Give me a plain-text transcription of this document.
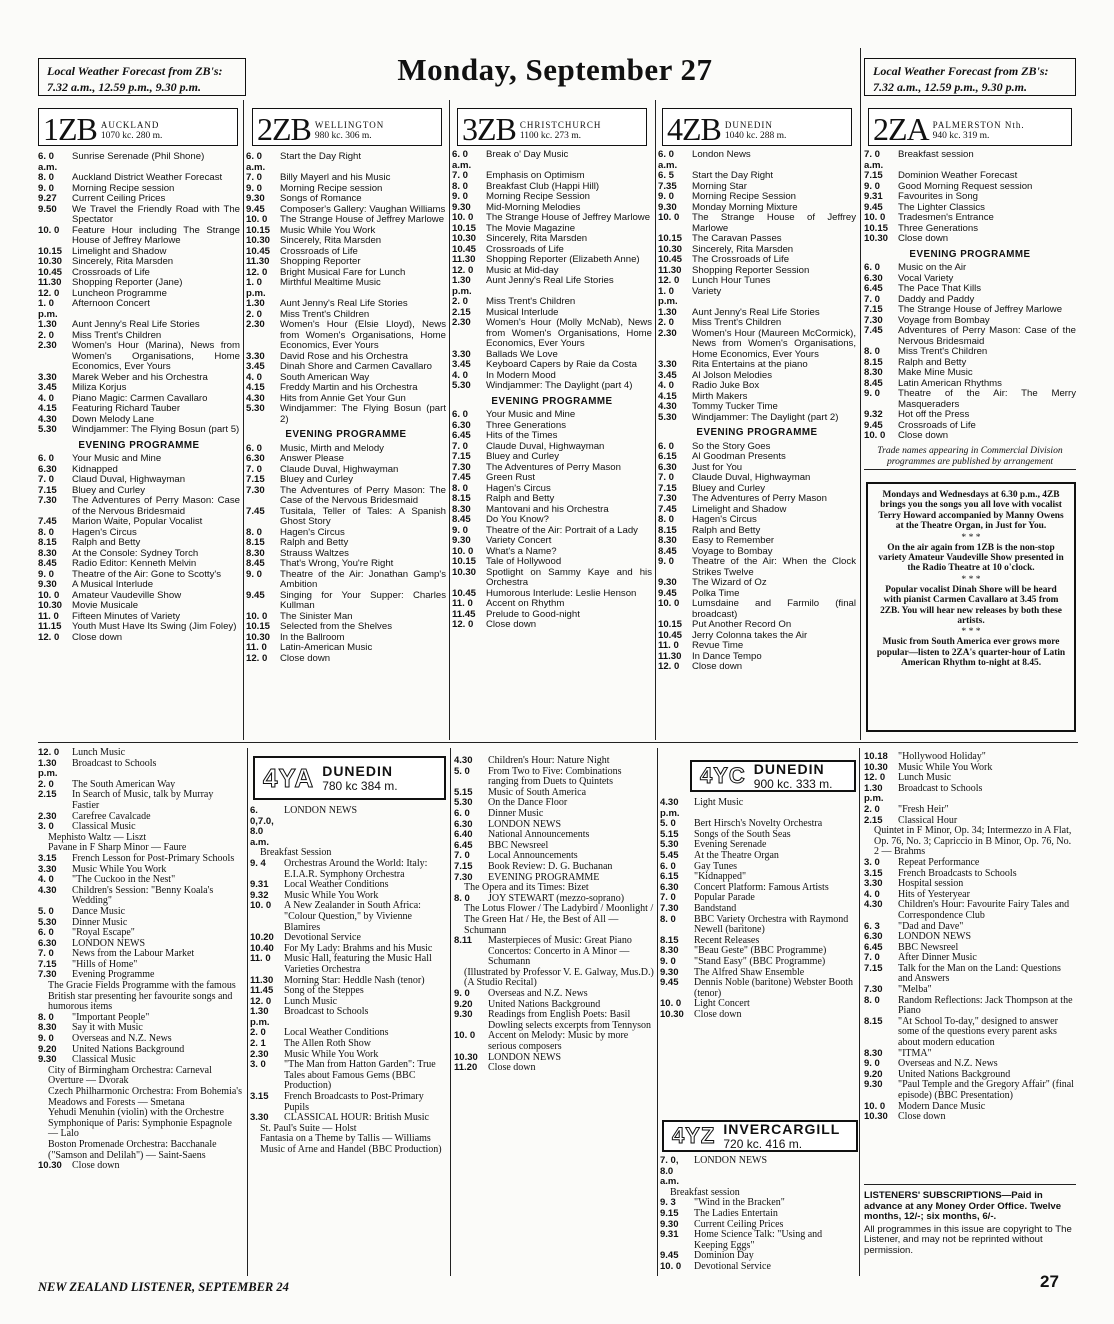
Local Weather Forecast from ZB's:
7.32 a.m., 12.59 p.m., 9.30 p.m.	Monday, September 27	Local Weather Forecast from ZB's:
7.32 a.m., 12.59 p.m., 9.30 p.m.
1ZB AUCKLAND
1070 kc. 280 m.	2ZB WELLINGTON
980 kc. 306 m.	3ZB CHRISTCHURCH
1100 kc. 273 m.	4ZB DUNEDIN
1040 kc. 288 m.	2ZA PALMERSTON Nth.
940 kc. 319 m.
6. 0 a.m.
Sunrise Serenade (Phil Shone)
8. 0	Auckland District Weather Forecast
9. 0	Morning Recipe session
9.27	Current Ceiling Prices
9.50	We Travel the Friendly Road with The Spectator
10. 0	Feature Hour including The Strange House of Jeffrey Marlowe
10.15	Limelight and Shadow
10.30	Sincerely, Rita Marsden
10.45	Crossroads of Life
11.30	Shopping Reporter (Jane)
12. 0	Luncheon Programme
1. 0 p.m.
Afternoon Concert
1.30	Aunt Jenny's Real Life Stories
2. 0	Miss Trent's Children
2.30	Women's Hour (Marina), News from Women's Organisations, Home Economics, Ever Yours
3.30	Marek Weber and his Orchestra
3.45	Miliza Korjus
4. 0	Piano Magic: Carmen Cavallaro
4.15	Featuring Richard Tauber
4.30	Down Melody Lane
5.30	Windjammer: The Flying Bosun (part 5)
EVENING PROGRAMME
6. 0	Your Music and Mine
6.30	Kidnapped
7. 0	Claud Duval, Highwayman
7.15	Bluey and Curley
7.30	The Adventures of Perry Mason: Case of the Nervous Bridesmaid
7.45	Marion Waite, Popular Vocalist
8. 0	Hagen's Circus
8.15	Ralph and Betty
8.30	At the Console: Sydney Torch
8.45	Radio Editor: Kenneth Melvin
9. 0	Theatre of the Air: Gone to Scotty's
9.30	A Musical Interlude
10. 0	Amateur Vaudeville Show
10.30	Movie Musicale
11. 0	Fifteen Minutes of Variety
11.15	Youth Must Have Its Swing (Jim Foley)
12. 0	Close down
6. 0 a.m.
Start the Day Right
7. 0	Billy Mayerl and his Music
9. 0	Morning Recipe session
9.30	Songs of Romance
9.45	Composer's Gallery: Vaughan Williams
10. 0	The Strange House of Jeffrey Marlowe
10.15	Music While You Work
10.30	Sincerely, Rita Marsden
10.45	Crossroads of Life
11.30	Shopping Reporter
12. 0	Bright Musical Fare for Lunch
1. 0 p.m.
Mirthful Mealtime Music
1.30	Aunt Jenny's Real Life Stories
2. 0	Miss Trent's Children
2.30	Women's Hour (Elsie Lloyd), News from Women's Organisations, Home Economics, Ever Yours
3.30	David Rose and his Orchestra
3.45	Dinah Shore and Carmen Cavallaro
4. 0	South American Way
4.15	Freddy Martin and his Orchestra
4.30	Hits from Annie Get Your Gun
5.30	Windjammer: The Flying Bosun (part 2)
EVENING PROGRAMME
6. 0	Music, Mirth and Melody
6.30	Answer Please
7. 0	Claude Duval, Highwayman
7.15	Bluey and Curley
7.30	The Adventures of Perry Mason: The Case of the Nervous Bridesmaid
7.45	Tusitala, Teller of Tales: A Spanish Ghost Story
8. 0	Hagen's Circus
8.15	Ralph and Betty
8.30	Strauss Waltzes
8.45	That's Wrong, You're Right
9. 0	Theatre of the Air: Jonathan Gamp's Ambition
9.45	Singing for Your Supper: Charles Kullman
10. 0	The Sinister Man
10.15	Selected from the Shelves
10.30	In the Ballroom
11. 0	Latin-American Music
12. 0	Close down
6. 0 a.m.
Break o' Day Music
7. 0	Emphasis on Optimism
8. 0	Breakfast Club (Happi Hill)
9. 0	Morning Recipe Session
9.30	Mid-Morning Melodies
10. 0	The Strange House of Jeffrey Marlowe
10.15	The Movie Magazine
10.30	Sincerely, Rita Marsden
10.45	Crossroads of Life
11.30	Shopping Reporter (Elizabeth Anne)
12. 0	Music at Mid-day
1.30 p.m.
Aunt Jenny's Real Life Stories
2. 0	Miss Trent's Children
2.15	Musical Interlude
2.30	Women's Hour (Molly McNab), News from Women's Organisations, Home Economics, Ever Yours
3.30	Ballads We Love
3.45	Keyboard Capers by Raie da Costa
4. 0	In Modern Mood
5.30	Windjammer: The Daylight (part 4)
EVENING PROGRAMME
6. 0	Your Music and Mine
6.30	Three Generations
6.45	Hits of the Times
7. 0	Claude Duval, Highwayman
7.15	Bluey and Curley
7.30	The Adventures of Perry Mason
7.45	Green Rust
8. 0	Hagen's Circus
8.15	Ralph and Betty
8.30	Mantovani and his Orchestra
8.45	Do You Know?
9. 0	Theatre of the Air: Portrait of a Lady
9.30	Variety Concert
10. 0	What's a Name?
10.15	Tale of Hollywood
10.30	Spotlight on Sammy Kaye and his Orchestra
10.45	Humorous Interlude: Leslie Henson
11. 0	Accent on Rhythm
11.45	Prelude to Good-night
12. 0	Close down
6. 0 a.m.
London News
6. 5	Start the Day Right
7.35	Morning Star
9. 0	Morning Recipe Session
9.30	Monday Morning Mixture
10. 0	The Strange House of Jeffrey Marlowe
10.15	The Caravan Passes
10.30	Sincerely, Rita Marsden
10.45	The Crossroads of Life
11.30	Shopping Reporter Session
12. 0	Lunch Hour Tunes
1. 0 p.m.
Variety
1.30	Aunt Jenny's Real Life Stories
2. 0	Miss Trent's Children
2.30	Women's Hour (Maureen McCormick), News from Women's Organisations, Home Economics, Ever Yours
3.30	Rita Entertains at the piano
3.45	Al Jolson Melodies
4. 0	Radio Juke Box
4.15	Mirth Makers
4.30	Tommy Tucker Time
5.30	Windjammer: The Daylight (part 2)
EVENING PROGRAMME
6. 0	So the Story Goes
6.15	Al Goodman Presents
6.30	Just for You
7. 0	Claude Duval, Highwayman
7.15	Bluey and Curley
7.30	The Adventures of Perry Mason
7.45	Limelight and Shadow
8. 0	Hagen's Circus
8.15	Ralph and Betty
8.30	Easy to Remember
8.45	Voyage to Bombay
9. 0	Theatre of the Air: When the Clock Strikes Twelve
9.30	The Wizard of Oz
9.45	Polka Time
10. 0	Lumsdaine and Farmilo (final broadcast)
10.15	Put Another Record On
10.45	Jerry Colonna takes the Air
11. 0	Revue Time
11.30	In Dance Tempo
12. 0	Close down
7. 0 a.m.
Breakfast session
7.15	Dominion Weather Forecast
9. 0	Good Morning Request session
9.31	Favourites in Song
9.45	The Lighter Classics
10. 0	Tradesmen's Entrance
10.15	Three Generations
10.30	Close down
EVENING PROGRAMME
6. 0	Music on the Air
6.30	Vocal Variety
6.45	The Pace That Kills
7. 0	Daddy and Paddy
7.15	The Strange House of Jeffrey Marlowe
7.30	Voyage from Bombay
7.45	Adventures of Perry Mason: Case of the Nervous Bridesmaid
8. 0	Miss Trent's Children
8.15	Ralph and Betty
8.30	Make Mine Music
8.45	Latin American Rhythms
9. 0	Theatre of the Air: The Merry Masqueraders
9.32	Hot off the Press
9.45	Crossroads of Life
10. 0	Close down
Trade names appearing in Commercial Division programmes are published by arrangement
Mondays and Wednesdays at 6.30 p.m., 4ZB brings you the songs you all love with vocalist Terry Howard accompanied by Manny Owens at the Theatre Organ, in Just for You.
* * *
On the air again from 1ZB is the non-stop variety Amateur Vaudeville Show presented in the Radio Theatre at 10 o'clock.
* * *
Popular vocalist Dinah Shore will be heard with pianist Carmen Cavallaro at 3.45 from 2ZB. You will hear new releases by both these artists.
* * *
Music from South America ever grows more popular—listen to 2ZA's quarter-hour of Latin American Rhythm to-night at 8.45.
12. 0	Lunch Music
1.30 p.m.
Broadcast to Schools
2. 0	The South American Way
2.15	In Search of Music, talk by Murray Fastier
2.30	Carefree Cavalcade
3. 0	Classical Music
Mephisto Waltz — Liszt
Pavane in F Sharp Minor — Faure
3.15	French Lesson for Post-Primary Schools
3.30	Music While You Work
4. 0	"The Cuckoo in the Nest"
4.30	Children's Session: "Benny Koala's Wedding"
5. 0	Dance Music
5.30	Dinner Music
6. 0	"Royal Escape"
6.30	LONDON NEWS
7. 0	News from the Labour Market
7.15	"Hills of Home"
7.30	Evening Programme
The Gracie Fields Programme with the famous British star presenting her favourite songs and humorous items
8. 0	"Important People"
8.30	Say it with Music
9. 0	Overseas and N.Z. News
9.20	United Nations Background
9.30	Classical Music
City of Birmingham Orchestra: Carneval Overture — Dvorak
Czech Philharmonic Orchestra: From Bohemia's Meadows and Forests — Smetana
Yehudi Menuhin (violin) with the Orchestre Symphonique of Paris: Symphonie Espagnole — Lalo
Boston Promenade Orchestra: Bacchanale ("Samson and Delilah") — Saint-Saens
10.30	Close down
4YA DUNEDIN
780 kc 384 m.
6. 0,7.0, 8.0 a.m.
LONDON NEWS
Breakfast Session
9. 4	Orchestras Around the World: Italy: E.I.A.R. Symphony Orchestra
9.31	Local Weather Conditions
9.32	Music While You Work
10. 0	A New Zealander in South Africa: "Colour Question," by Vivienne Blamires
10.20	Devotional Service
10.40	For My Lady: Brahms and his Music
11. 0	Music Hall, featuring the Music Hall Varieties Orchestra
11.30	Morning Star: Heddle Nash (tenor)
11.45	Song of the Steppes
12. 0	Lunch Music
1.30 p.m.
Broadcast to Schools
2. 0	Local Weather Conditions
2. 1	The Allen Roth Show
2.30	Music While You Work
3. 0	"The Man from Hatton Garden": True Tales about Famous Gems (BBC Production)
3.15	French Broadcasts to Post-Primary Pupils
3.30	CLASSICAL HOUR: British Music
St. Paul's Suite — Holst
Fantasia on a Theme by Tallis — Williams
Music of Arne and Handel (BBC Production)
4.30	Children's Hour: Nature Night
5. 0	From Two to Five: Combinations ranging from Duets to Quintets
5.15	Music of South America
5.30	On the Dance Floor
6. 0	Dinner Music
6.30	LONDON NEWS
6.40	National Announcements
6.45	BBC Newsreel
7. 0	Local Announcements
7.15	Book Review: D. G. Buchanan
7.30	EVENING PROGRAMME
The Opera and its Times: Bizet
8. 0	JOY STEWART (mezzo-soprano)
The Lotus Flower / The Ladybird / Moonlight / The Green Hat / He, the Best of All — Schumann
8.11	Masterpieces of Music: Great Piano Concertos: Concerto in A Minor — Schumann
(Illustrated by Professor V. E. Galway, Mus.D.) (A Studio Recital)
9. 0	Overseas and N.Z. News
9.20	United Nations Background
9.30	Readings from English Poets: Basil Dowling selects excerpts from Tennyson
10. 0	Accent on Melody: Music by more serious composers
10.30	LONDON NEWS
11.20	Close down
4YC DUNEDIN
900 kc. 333 m.
4.30 p.m.
Light Music
5. 0	Bert Hirsch's Novelty Orchestra
5.15	Songs of the South Seas
5.30	Evening Serenade
5.45	At the Theatre Organ
6. 0	Gay Tunes
6.15	"Kidnapped"
6.30	Concert Platform: Famous Artists
7. 0	Popular Parade
7.30	Bandstand
8. 0	BBC Variety Orchestra with Raymond Newell (baritone)
8.15	Recent Releases
8.30	"Beau Geste" (BBC Programme)
9. 0	"Stand Easy" (BBC Programme)
9.30	The Alfred Shaw Ensemble
9.45	Dennis Noble (baritone) Webster Booth (tenor)
10. 0	Light Concert
10.30	Close down
4YZ INVERCARGILL
720 kc. 416 m.
7. 0, 8.0 a.m.
LONDON NEWS
Breakfast session
9. 3	"Wind in the Bracken"
9.15	The Ladies Entertain
9.30	Current Ceiling Prices
9.31	Home Science Talk: "Using and Keeping Eggs"
9.45	Dominion Day
10. 0	Devotional Service
10.18	"Hollywood Holiday"
10.30	Music While You Work
12. 0	Lunch Music
1.30 p.m.
Broadcast to Schools
2. 0	"Fresh Heir"
2.15	Classical Hour
Quintet in F Minor, Op. 34; Intermezzo in A Flat, Op. 76, No. 3; Capriccio in B Minor, Op. 76, No. 2 — Brahms
3. 0	Repeat Performance
3.15	French Broadcasts to Schools
3.30	Hospital session
4. 0	Hits of Yesteryear
4.30	Children's Hour: Favourite Fairy Tales and Correspondence Club
6. 3	"Dad and Dave"
6.30	LONDON NEWS
6.45	BBC Newsreel
7. 0	After Dinner Music
7.15	Talk for the Man on the Land: Questions and Answers
7.30	"Melba"
8. 0	Random Reflections: Jack Thompson at the Piano
8.15	"At School To-day," designed to answer some of the questions every parent asks about modern education
8.30	"ITMA"
9. 0	Overseas and N.Z. News
9.20	United Nations Background
9.30	"Paul Temple and the Gregory Affair" (final episode) (BBC Presentation)
10. 0	Modern Dance Music
10.30	Close down
LISTENERS' SUBSCRIPTIONS—Paid in advance at any Money Order Office. Twelve months, 12/-; six months, 6/-.
All programmes in this issue are copyright to The Listener, and may not be reprinted without permission.
NEW ZEALAND LISTENER, SEPTEMBER 24	27
